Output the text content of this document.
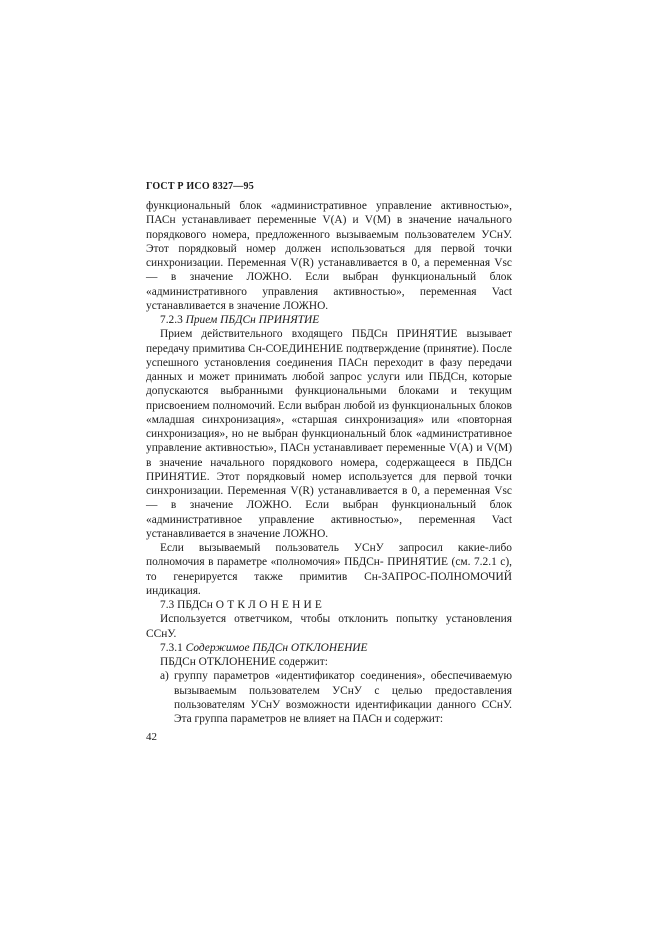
ГОСТ Р ИСО 8327—95

функциональный блок «административное управление активностью», ПАСн устанавливает переменные V(A) и V(M) в значение начального порядкового номера, предложенного вызываемым пользователем УСнУ. Этот порядковый номер должен использоваться для первой точки синхронизации. Переменная V(R) устанавливается в 0, а переменная Vsc — в значение ЛОЖНО. Если выбран функциональный блок «административного управления активностью», переменная Vact устанавливается в значение ЛОЖНО.

7.2.3 Прием ПБДСн ПРИНЯТИЕ

Прием действительного входящего ПБДСн ПРИНЯТИЕ вызывает передачу примитива Сн-СОЕДИНЕНИЕ подтверждение (принятие). После успешного установления соединения ПАСн переходит в фазу передачи данных и может принимать любой запрос услуги или ПБДСн, которые допускаются выбранными функциональными блоками и текущим присвоением полномочий. Если выбран любой из функциональных блоков «младшая синхронизация», «старшая синхронизация» или «повторная синхронизация», но не выбран функциональный блок «административное управление активностью», ПАСн устанавливает переменные V(A) и V(M) в значение начального порядкового номера, содержащееся в ПБДСн ПРИНЯТИЕ. Этот порядковый номер используется для первой точки синхронизации. Переменная V(R) устанавливается в 0, а переменная Vsc — в значение ЛОЖНО. Если выбран функциональный блок «административное управление активностью», переменная Vact устанавливается в значение ЛОЖНО.

Если вызываемый пользователь УСнУ запросил какие-либо полномочия в параметре «полномочия» ПБДСн- ПРИНЯТИЕ (см. 7.2.1 с), то генерируется также примитив Сн-ЗАПРОС-ПОЛНОМОЧИЙ индикация.

7.3 ПБДСн ОТКЛОНЕНИЕ

Используется ответчиком, чтобы отклонить попытку установления ССнУ.

7.3.1 Содержимое ПБДСн ОТКЛОНЕНИЕ

ПБДСн ОТКЛОНЕНИЕ содержит:

a) группу параметров «идентификатор соединения», обеспечиваемую вызываемым пользователем УСнУ с целью предоставления пользователям УСнУ возможности идентификации данного ССнУ. Эта группа параметров не влияет на ПАСн и содержит:
42
